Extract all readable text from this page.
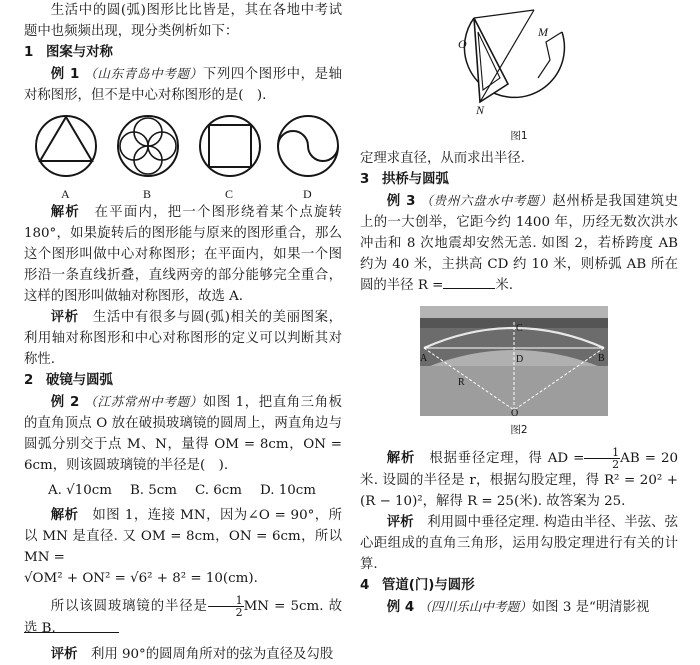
生活中的圆(弧)图形比比皆是，其在各地中考试题中也频频出现，现分类例析如下：

1 图案与对称

例 1 （山东青岛中考题）下列四个图形中，是轴对称图形，但不是中心对称图形的是(　).

A	B	C	D

解析　 在平面内，把一个图形绕着某个点旋转180°，如果旋转后的图形能与原来的图形重合，那么这个图形叫做中心对称图形；在平面内，如果一个图形沿一条直线折叠，直线两旁的部分能够完全重合，这样的图形叫做轴对称图形，故选 A.

评析　 生活中有很多与圆(弧)相关的美丽图案，利用轴对称图形和中心对称图形的定义可以判断其对称性.

2 破镜与圆弧

例 2 （江苏常州中考题）如图 1，把直角三角板的直角顶点 O 放在破损玻璃镜的圆周上，两直角边与圆弧分别交于点 M、N，量得 OM = 8cm，ON = 6cm，则该圆玻璃镜的半径是(　).

A. √10cm B. 5cm C. 6cm D. 10cm

解析　 如图 1，连接 MN，因为∠O = 90°，所以 MN 是直径. 又 OM = 8cm，ON = 6cm，所以 MN =

√OM² + ON² = √6² + 8² = 10(cm).

所以该圆玻璃镜的半径是 $\frac{1}{2}$ MN = 5cm. 故选 B.

评析　 利用 90°的圆周角所对的弦为直径及勾股

O
M
N

图1

定理求直径，从而求出半径.

3 拱桥与圆弧

例 3 （贵州六盘水中考题）赵州桥是我国建筑史上的一大创举，它距今约 1400 年，历经无数次洪水冲击和 8 次地震却安然无恙. 如图 2，若桥跨度 AB 约为 40 米，主拱高 CD 约 10 米，则桥弧 AB 所在圆的半径 R =	米.

A	B
C
D
R
O

图2

解析　 根据垂径定理，得 AD = $\frac{1}{2}$ AB = 20 米. 设圆的半径是 r，根据勾股定理，得 R² = 20² + (R − 10)²，解得 R = 25(米). 故答案为 25.

评析　 利用圆中垂径定理. 构造由半径、半弦、弦心距组成的直角三角形，运用勾股定理进行有关的计算.

4 管道(门)与圆形

例 4 （四川乐山中考题）如图 3 是“明清影视
